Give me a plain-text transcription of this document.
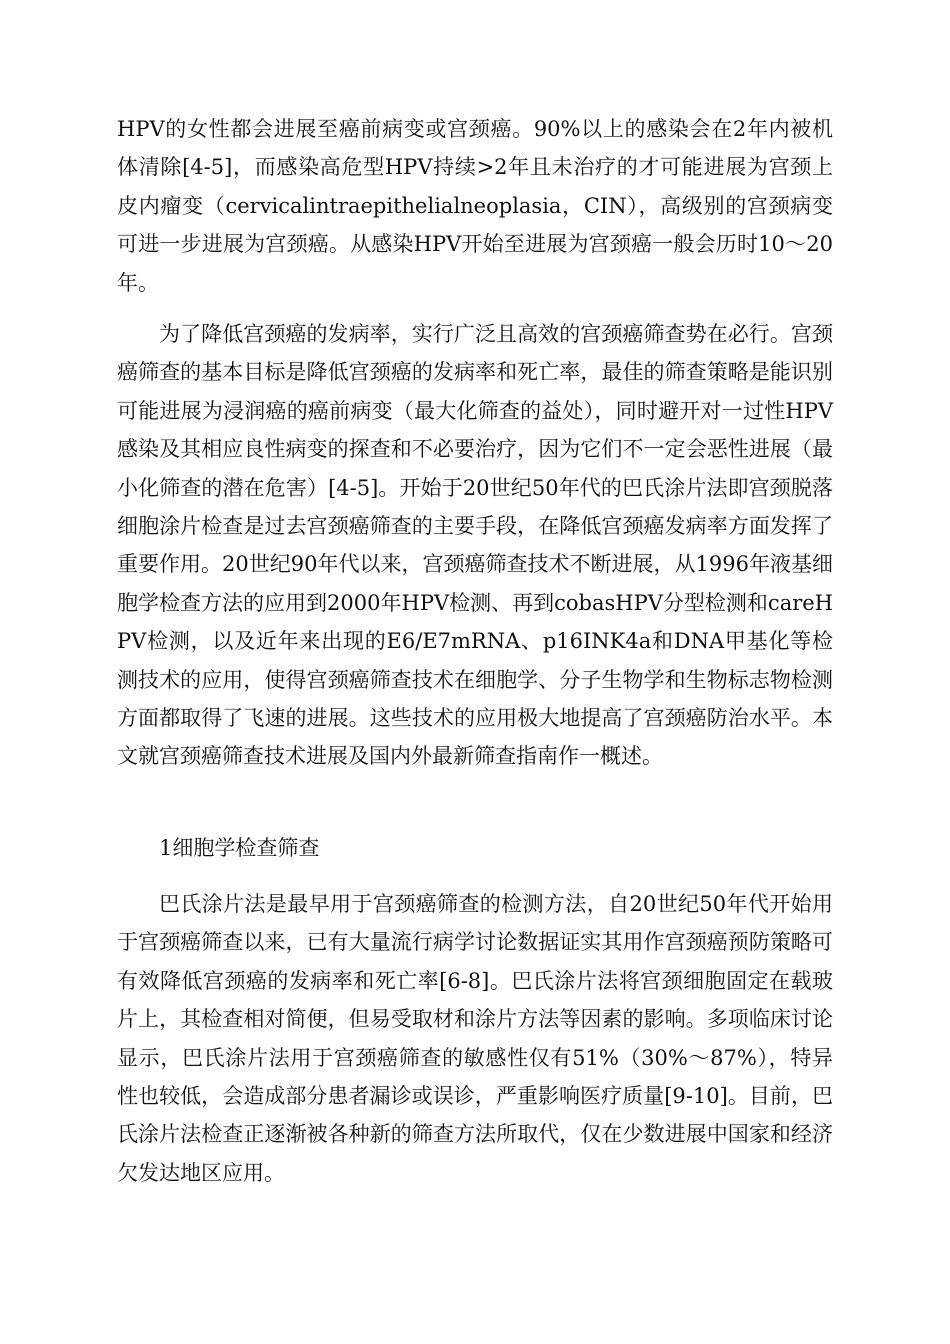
HPV的女性都会进展至癌前病变或宫颈癌。90%以上的感染会在2年内被机体清除[4-5]，而感染高危型HPV持续>2年且未治疗的才可能进展为宫颈上皮内瘤变（cervicalintraepithelialneoplasia，CIN），高级别的宫颈病变可进一步进展为宫颈癌。从感染HPV开始至进展为宫颈癌一般会历时10～20年。

为了降低宫颈癌的发病率，实行广泛且高效的宫颈癌筛查势在必行。宫颈癌筛查的基本目标是降低宫颈癌的发病率和死亡率，最佳的筛查策略是能识别可能进展为浸润癌的癌前病变（最大化筛查的益处），同时避开对一过性HPV感染及其相应良性病变的探查和不必要治疗，因为它们不一定会恶性进展（最小化筛查的潜在危害）[4-5]。开始于20世纪50年代的巴氏涂片法即宫颈脱落细胞涂片检查是过去宫颈癌筛查的主要手段，在降低宫颈癌发病率方面发挥了重要作用。20世纪90年代以来，宫颈癌筛查技术不断进展，从1996年液基细胞学检查方法的应用到2000年HPV检测、再到cobasHPV分型检测和careHPV检测，以及近年来出现的E6/E7mRNA、p16INK4a和DNA甲基化等检测技术的应用，使得宫颈癌筛查技术在细胞学、分子生物学和生物标志物检测方面都取得了飞速的进展。这些技术的应用极大地提高了宫颈癌防治水平。本文就宫颈癌筛查技术进展及国内外最新筛查指南作一概述。

1细胞学检查筛查

巴氏涂片法是最早用于宫颈癌筛查的检测方法，自20世纪50年代开始用于宫颈癌筛查以来，已有大量流行病学讨论数据证实其用作宫颈癌预防策略可有效降低宫颈癌的发病率和死亡率[6-8]。巴氏涂片法将宫颈细胞固定在载玻片上，其检查相对简便，但易受取材和涂片方法等因素的影响。多项临床讨论显示，巴氏涂片法用于宫颈癌筛查的敏感性仅有51%（30%～87%），特异性也较低，会造成部分患者漏诊或误诊，严重影响医疗质量[9-10]。目前，巴氏涂片法检查正逐渐被各种新的筛查方法所取代，仅在少数进展中国家和经济欠发达地区应用。
